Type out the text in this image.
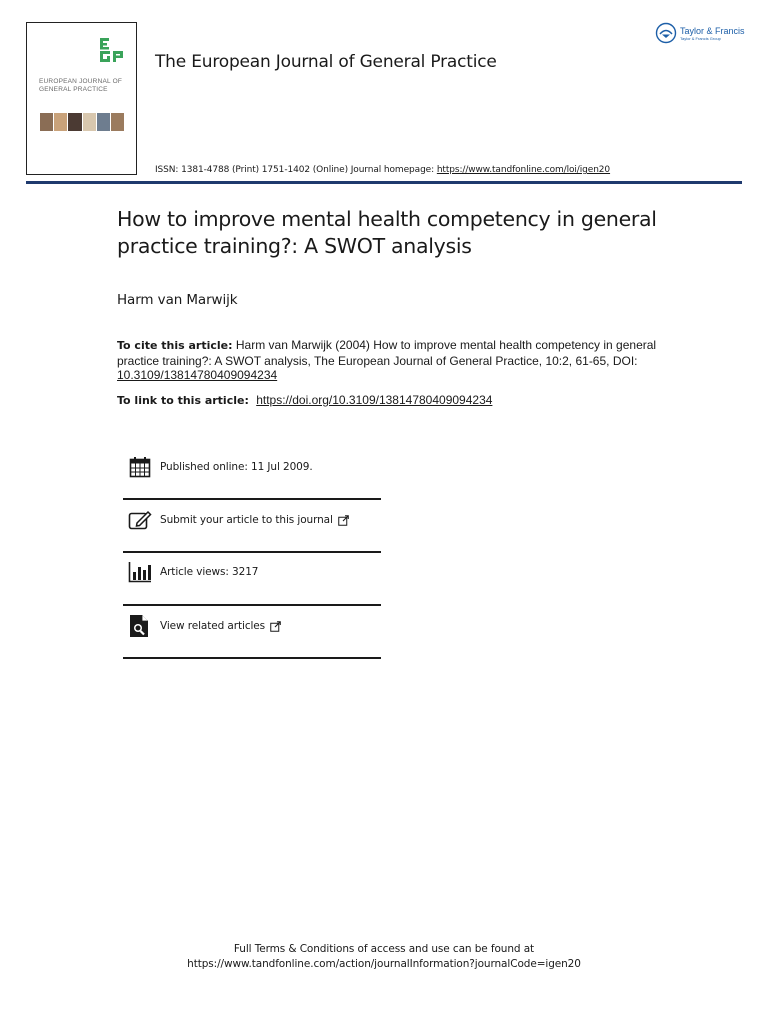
EUROPEAN JOURNAL OF GENERAL PRACTICE
The European Journal of General Practice
ISSN: 1381-4788 (Print) 1751-1402 (Online) Journal homepage: https://www.tandfonline.com/loi/igen20
Taylor & Francis
Taylor & Francis Group
How to improve mental health competency in general practice training?: A SWOT analysis
Harm van Marwijk
To cite this article: Harm van Marwijk (2004) How to improve mental health competency in general practice training?: A SWOT analysis, The European Journal of General Practice, 10:2, 61-65, DOI: 10.3109/13814780409094234
To link to this article: https://doi.org/10.3109/13814780409094234
Published online: 11 Jul 2009.
Submit your article to this journal
Article views: 3217
View related articles
Full Terms & Conditions of access and use can be found at
https://www.tandfonline.com/action/journalInformation?journalCode=igen20
